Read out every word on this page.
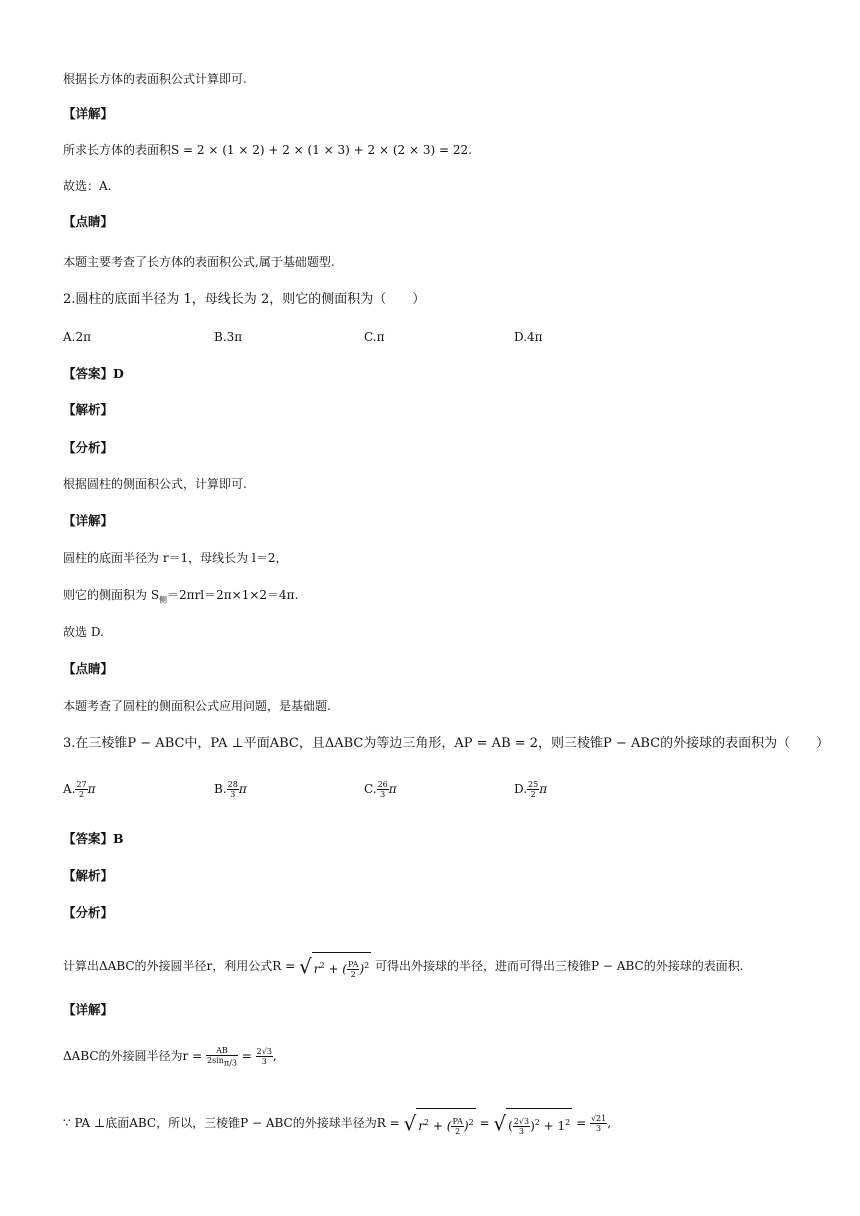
根据长方体的表面积公式计算即可.
【详解】
所求长方体的表面积S = 2 × (1 × 2) + 2 × (1 × 3) + 2 × (2 × 3) = 22.
故选：A.
【点睛】
本题主要考查了长方体的表面积公式,属于基础题型.
2.圆柱的底面半径为 1，母线长为 2，则它的侧面积为（　　）
A.2π	B.3π	C.π	D.4π
【答案】D
【解析】
【分析】
根据圆柱的侧面积公式，计算即可.
【详解】
圆柱的底面半径为 r＝1，母线长为 l＝2，
则它的侧面积为 $S_侧=2\pi rl=2\pi\times 1\times 2=4\pi$.
故选 D.
【点睛】
本题考查了圆柱的侧面积公式应用问题，是基础题.
3.在三棱锥P − ABC中，PA ⊥平面ABC，且ΔABC为等边三角形，AP = AB = 2，则三棱锥P − ABC的外接球的表面积为（　　）
A. $\frac{27}{2}$ π	B. $\frac{28}{3}$ π	C. $\frac{26}{3}$ π	D. $\frac{25}{2}$ π
【答案】B
【解析】
【分析】
计算出ΔABC的外接圆半径r，利用公式R = √ $r^2$ + ( $\frac{PA}{2} )^2$ 可得出外接球的半径，进而可得出三棱锥P − ABC的外接球的表面积.
【详解】
ΔABC的外接圆半径为$r = \frac{AB}{2\sin\pi/3} = \frac{2√3}{3}$ ,
∵ PA ⊥底面ABC，所以，三棱锥P − ABC的外接球半径为R = √ $r^2$ + ( $\frac{PA}{2} )^2$ = √ ( $\frac{2√3}{3} )^2 + 1^2 = \frac{√21}{3}$ ,
